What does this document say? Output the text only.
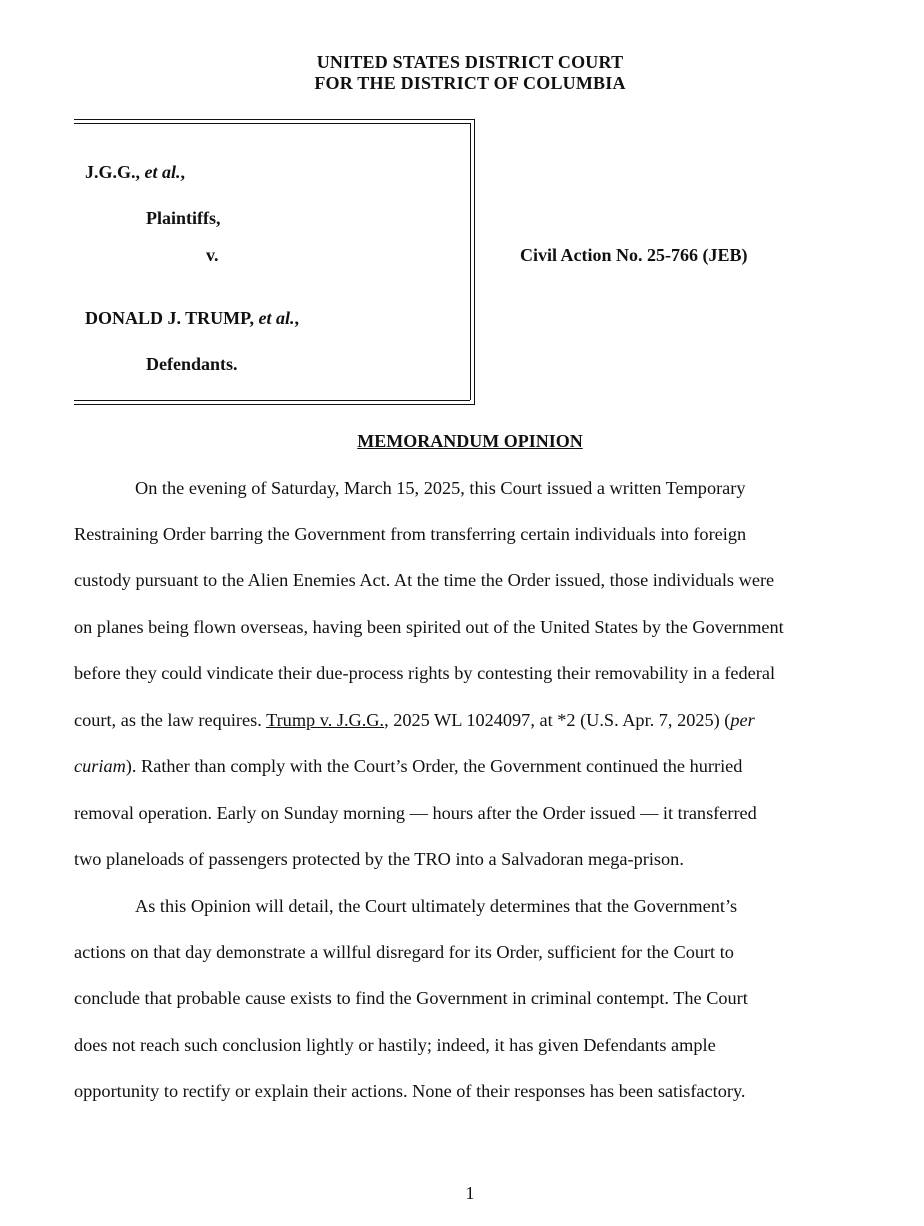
UNITED STATES DISTRICT COURT
FOR THE DISTRICT OF COLUMBIA
J.G.G., et al.,
Plaintiffs,
v.
DONALD J. TRUMP, et al.,
Defendants.
Civil Action No. 25-766 (JEB)
MEMORANDUM OPINION
On the evening of Saturday, March 15, 2025, this Court issued a written Temporary
Restraining Order barring the Government from transferring certain individuals into foreign
custody pursuant to the Alien Enemies Act. At the time the Order issued, those individuals were
on planes being flown overseas, having been spirited out of the United States by the Government
before they could vindicate their due-process rights by contesting their removability in a federal
court, as the law requires. Trump v. J.G.G., 2025 WL 1024097, at *2 (U.S. Apr. 7, 2025) (per
curiam). Rather than comply with the Court’s Order, the Government continued the hurried
removal operation. Early on Sunday morning — hours after the Order issued — it transferred
two planeloads of passengers protected by the TRO into a Salvadoran mega-prison.
As this Opinion will detail, the Court ultimately determines that the Government’s
actions on that day demonstrate a willful disregard for its Order, sufficient for the Court to
conclude that probable cause exists to find the Government in criminal contempt. The Court
does not reach such conclusion lightly or hastily; indeed, it has given Defendants ample
opportunity to rectify or explain their actions. None of their responses has been satisfactory.
1
